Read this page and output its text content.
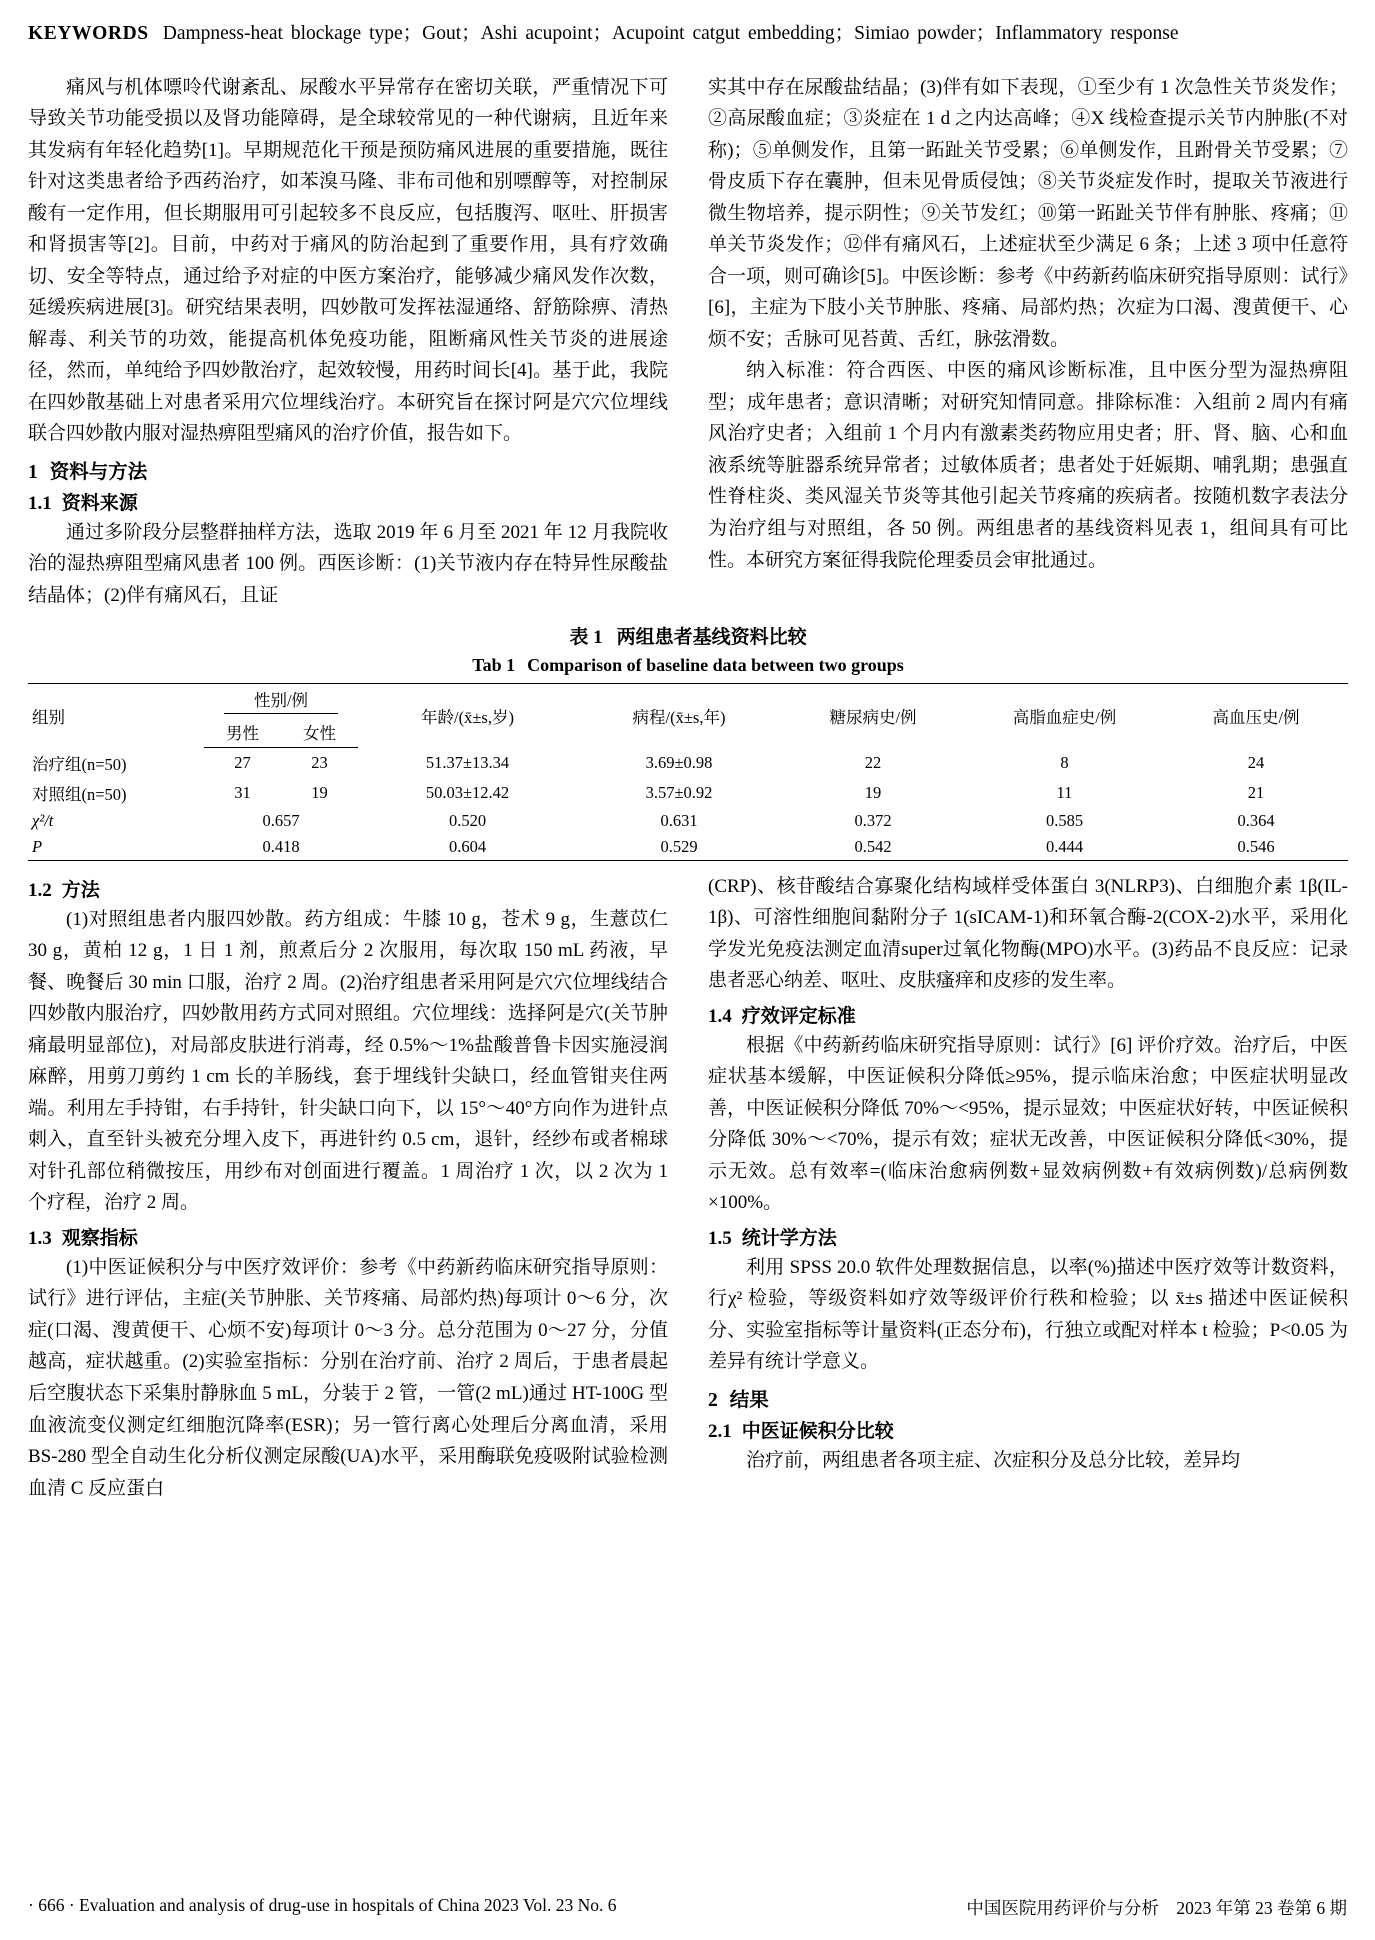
KEYWORDS Dampness-heat blockage type；Gout；Ashi acupoint；Acupoint catgut embedding；Simiao powder；Inflammatory response

痛风与机体嘌呤代谢紊乱、尿酸水平异常存在密切关联，严重情况下可导致关节功能受损以及肾功能障碍，是全球较常见的一种代谢病，且近年来其发病有年轻化趋势[1]。早期规范化干预是预防痛风进展的重要措施，既往针对这类患者给予西药治疗，如苯溴马隆、非布司他和别嘌醇等，对控制尿酸有一定作用，但长期服用可引起较多不良反应，包括腹泻、呕吐、肝损害和肾损害等[2]。目前，中药对于痛风的防治起到了重要作用，具有疗效确切、安全等特点，通过给予对症的中医方案治疗，能够减少痛风发作次数，延缓疾病进展[3]。研究结果表明，四妙散可发挥祛湿通络、舒筋除痹、清热解毒、利关节的功效，能提高机体免疫功能，阻断痛风性关节炎的进展途径，然而，单纯给予四妙散治疗，起效较慢，用药时间长[4]。基于此，我院在四妙散基础上对患者采用穴位埋线治疗。本研究旨在探讨阿是穴穴位埋线联合四妙散内服对湿热痹阻型痛风的治疗价值，报告如下。

1 资料与方法
1.1 资料来源

通过多阶段分层整群抽样方法，选取 2019 年 6 月至 2021 年 12 月我院收治的湿热痹阻型痛风患者 100 例。西医诊断：(1)关节液内存在特异性尿酸盐结晶体；(2)伴有痛风石，且证

实其中存在尿酸盐结晶；(3)伴有如下表现，①至少有 1 次急性关节炎发作；②高尿酸血症；③炎症在 1 d 之内达高峰；④X 线检查提示关节内肿胀(不对称)；⑤单侧发作，且第一跖趾关节受累；⑥单侧发作，且跗骨关节受累；⑦骨皮质下存在囊肿，但未见骨质侵蚀；⑧关节炎症发作时，提取关节液进行微生物培养，提示阴性；⑨关节发红；⑩第一跖趾关节伴有肿胀、疼痛；⑪单关节炎发作；⑫伴有痛风石，上述症状至少满足 6 条；上述 3 项中任意符合一项，则可确诊[5]。中医诊断：参考《中药新药临床研究指导原则：试行》[6]，主症为下肢小关节肿胀、疼痛、局部灼热；次症为口渴、溲黄便干、心烦不安；舌脉可见苔黄、舌红，脉弦滑数。

纳入标准：符合西医、中医的痛风诊断标准，且中医分型为湿热痹阻型；成年患者；意识清晰；对研究知情同意。排除标准：入组前 2 周内有痛风治疗史者；入组前 1 个月内有激素类药物应用史者；肝、肾、脑、心和血液系统等脏器系统异常者；过敏体质者；患者处于妊娠期、哺乳期；患强直性脊柱炎、类风湿关节炎等其他引起关节疼痛的疾病者。按随机数字表法分为治疗组与对照组，各 50 例。两组患者的基线资料见表 1，组间具有可比性。本研究方案征得我院伦理委员会审批通过。

表 1 两组患者基线资料比较
Tab 1 Comparison of baseline data between two groups
组别	性别/例		年龄/(x̄±s,岁)	病程/(x̄±s,年)	糖尿病史/例	高脂血症史/例	高血压史/例
	男性	女性					
治疗组(n=50)	27	23	51.37±13.34	3.69±0.98	22	8	24
对照组(n=50)	31	19	50.03±12.42	3.57±0.92	19	11	21
χ²/t	0.657		0.520	0.631	0.372	0.585	0.364
P	0.418		0.604	0.529	0.542	0.444	0.546
1.2 方法

(1)对照组患者内服四妙散。药方组成：牛膝 10 g，苍术 9 g，生薏苡仁 30 g，黄柏 12 g，1 日 1 剂，煎煮后分 2 次服用，每次取 150 mL 药液，早餐、晚餐后 30 min 口服，治疗 2 周。(2)治疗组患者采用阿是穴穴位埋线结合四妙散内服治疗，四妙散用药方式同对照组。穴位埋线：选择阿是穴(关节肿痛最明显部位)，对局部皮肤进行消毒，经 0.5%～1%盐酸普鲁卡因实施浸润麻醉，用剪刀剪约 1 cm 长的羊肠线，套于埋线针尖缺口，经血管钳夹住两端。利用左手持钳，右手持针，针尖缺口向下，以 15°～40°方向作为进针点刺入，直至针头被充分埋入皮下，再进针约 0.5 cm，退针，经纱布或者棉球对针孔部位稍微按压，用纱布对创面进行覆盖。1 周治疗 1 次，以 2 次为 1 个疗程，治疗 2 周。

1.3 观察指标

(1)中医证候积分与中医疗效评价：参考《中药新药临床研究指导原则：试行》进行评估，主症(关节肿胀、关节疼痛、局部灼热)每项计 0～6 分，次症(口渴、溲黄便干、心烦不安)每项计 0～3 分。总分范围为 0～27 分，分值越高，症状越重。(2)实验室指标：分别在治疗前、治疗 2 周后，于患者晨起后空腹状态下采集肘静脉血 5 mL，分装于 2 管，一管(2 mL)通过 HT-100G 型血液流变仪测定红细胞沉降率(ESR)；另一管行离心处理后分离血清，采用 BS-280 型全自动生化分析仪测定尿酸(UA)水平，采用酶联免疫吸附试验检测血清 C 反应蛋白

(CRP)、核苷酸结合寡聚化结构域样受体蛋白 3(NLRP3)、白细胞介素 1β(IL-1β)、可溶性细胞间黏附分子 1(sICAM-1)和环氧合酶-2(COX-2)水平，采用化学发光免疫法测定血清super过氧化物酶(MPO)水平。(3)药品不良反应：记录患者恶心纳差、呕吐、皮肤瘙痒和皮疹的发生率。

1.4 疗效评定标准

根据《中药新药临床研究指导原则：试行》[6] 评价疗效。治疗后，中医症状基本缓解，中医证候积分降低≥95%，提示临床治愈；中医症状明显改善，中医证候积分降低 70%～<95%，提示显效；中医症状好转，中医证候积分降低 30%～<70%，提示有效；症状无改善，中医证候积分降低<30%，提示无效。总有效率=(临床治愈病例数+显效病例数+有效病例数)/总病例数×100%。

1.5 统计学方法

利用 SPSS 20.0 软件处理数据信息，以率(%)描述中医疗效等计数资料，行χ² 检验，等级资料如疗效等级评价行秩和检验；以 x̄±s 描述中医证候积分、实验室指标等计量资料(正态分布)，行独立或配对样本 t 检验；P<0.05 为差异有统计学意义。

2 结果
2.1 中医证候积分比较

治疗前，两组患者各项主症、次症积分及总分比较，差异均

· 666 · Evaluation and analysis of drug-use in hospitals of China 2023 Vol. 23 No. 6	中国医院用药评价与分析　2023 年第 23 卷第 6 期
